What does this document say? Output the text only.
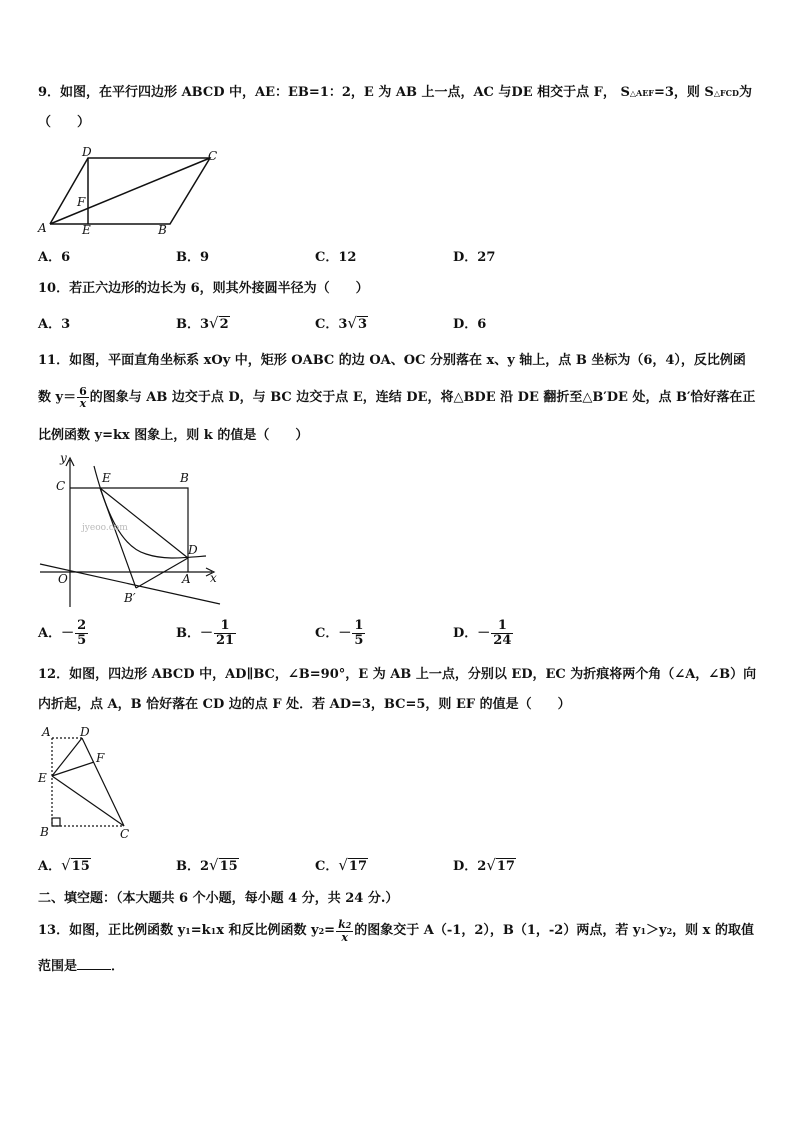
9．如图，在平行四边形 ABCD 中，AE：EB=1：2，E 为 AB 上一点，AC 与DE 相交于点 F， S△AEF=3，则 S△FCD为
（　　）
A	E	B
D	C
F
A．6	B．9	C．12	D．27
10．若正六边形的边长为 6，则其外接圆半径为（　　）
A．3	B．3√2	C．3√3	D．6
11．如图，平面直角坐标系 xOy 中，矩形 OABC 的边 OA、OC 分别落在 x、y 轴上，点 B 坐标为（6，4），反比例函
数 $y= \frac{6}{x}$ 的图象与 AB 边交于点 D，与 BC 边交于点 E，连结 DE，将△BDE 沿 DE 翻折至△B′DE 处，点 B′恰好落在正
比例函数 y=kx 图象上，则 k 的值是（　　）
jyeoo.com
y
x
O	A
B
C
D
E
B′
A．－ $\frac{2}{5}$	B．－ $\frac{1}{21}$	C．－ $\frac{1}{5}$	D．－ $\frac{1}{24}$
12．如图，四边形 ABCD 中，AD∥BC，∠B=90°，E 为 AB 上一点，分别以 ED，EC 为折痕将两个角（∠A，∠B）向
内折起，点 A，B 恰好落在 CD 边的点 F 处．若 AD=3，BC=5，则 EF 的值是（　　）
A D
F
E
B	C
A．√15	B．2√15	C．√17	D．2√17
二、填空题：（本大题共 6 个小题，每小题 4 分，共 24 分.）
13．如图，正比例函数 y1=k1x 和反比例函数 $y2= \frac{k2}{x}$ 的图象交于 A（-1，2），B（1，-2）两点，若 y1＞y2，则 x 的取值
范围是	．
